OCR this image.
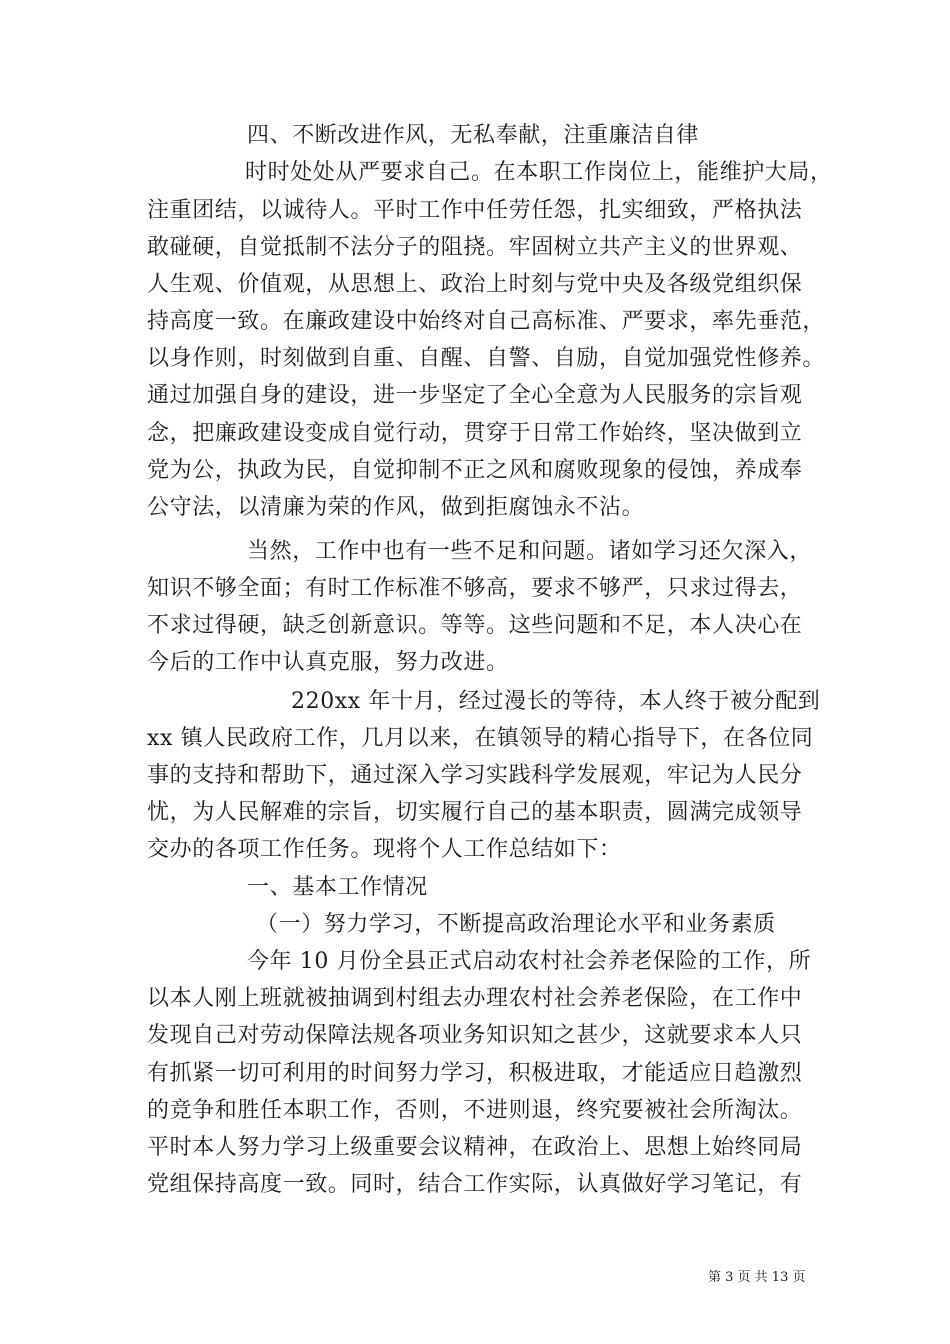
四、不断改进作风，无私奉献，注重廉洁自律
时时处处从严要求自己。在本职工作岗位上，能维护大局，
注重团结，以诚待人。平时工作中任劳任怨，扎实细致，严格执法
敢碰硬，自觉抵制不法分子的阻挠。牢固树立共产主义的世界观、
人生观、价值观，从思想上、政治上时刻与党中央及各级党组织保
持高度一致。在廉政建设中始终对自己高标准、严要求，率先垂范，
以身作则，时刻做到自重、自醒、自警、自励，自觉加强党性修养。
通过加强自身的建设，进一步坚定了全心全意为人民服务的宗旨观
念，把廉政建设变成自觉行动，贯穿于日常工作始终，坚决做到立
党为公，执政为民，自觉抑制不正之风和腐败现象的侵蚀，养成奉
公守法，以清廉为荣的作风，做到拒腐蚀永不沾。
当然，工作中也有一些不足和问题。诸如学习还欠深入，
知识不够全面；有时工作标准不够高，要求不够严，只求过得去，
不求过得硬，缺乏创新意识。等等。这些问题和不足，本人决心在
今后的工作中认真克服，努力改进。
220xx 年十月，经过漫长的等待，本人终于被分配到
xx 镇人民政府工作，几月以来，在镇领导的精心指导下，在各位同
事的支持和帮助下，通过深入学习实践科学发展观，牢记为人民分
忧，为人民解难的宗旨，切实履行自己的基本职责，圆满完成领导
交办的各项工作任务。现将个人工作总结如下：
一、基本工作情况
（一）努力学习，不断提高政治理论水平和业务素质
今年 10 月份全县正式启动农村社会养老保险的工作，所
以本人刚上班就被抽调到村组去办理农村社会养老保险，在工作中
发现自己对劳动保障法规各项业务知识知之甚少，这就要求本人只
有抓紧一切可利用的时间努力学习，积极进取，才能适应日趋激烈
的竞争和胜任本职工作，否则，不进则退，终究要被社会所淘汰。
平时本人努力学习上级重要会议精神，在政治上、思想上始终同局
党组保持高度一致。同时，结合工作实际，认真做好学习笔记，有
第 3 页 共 13 页
